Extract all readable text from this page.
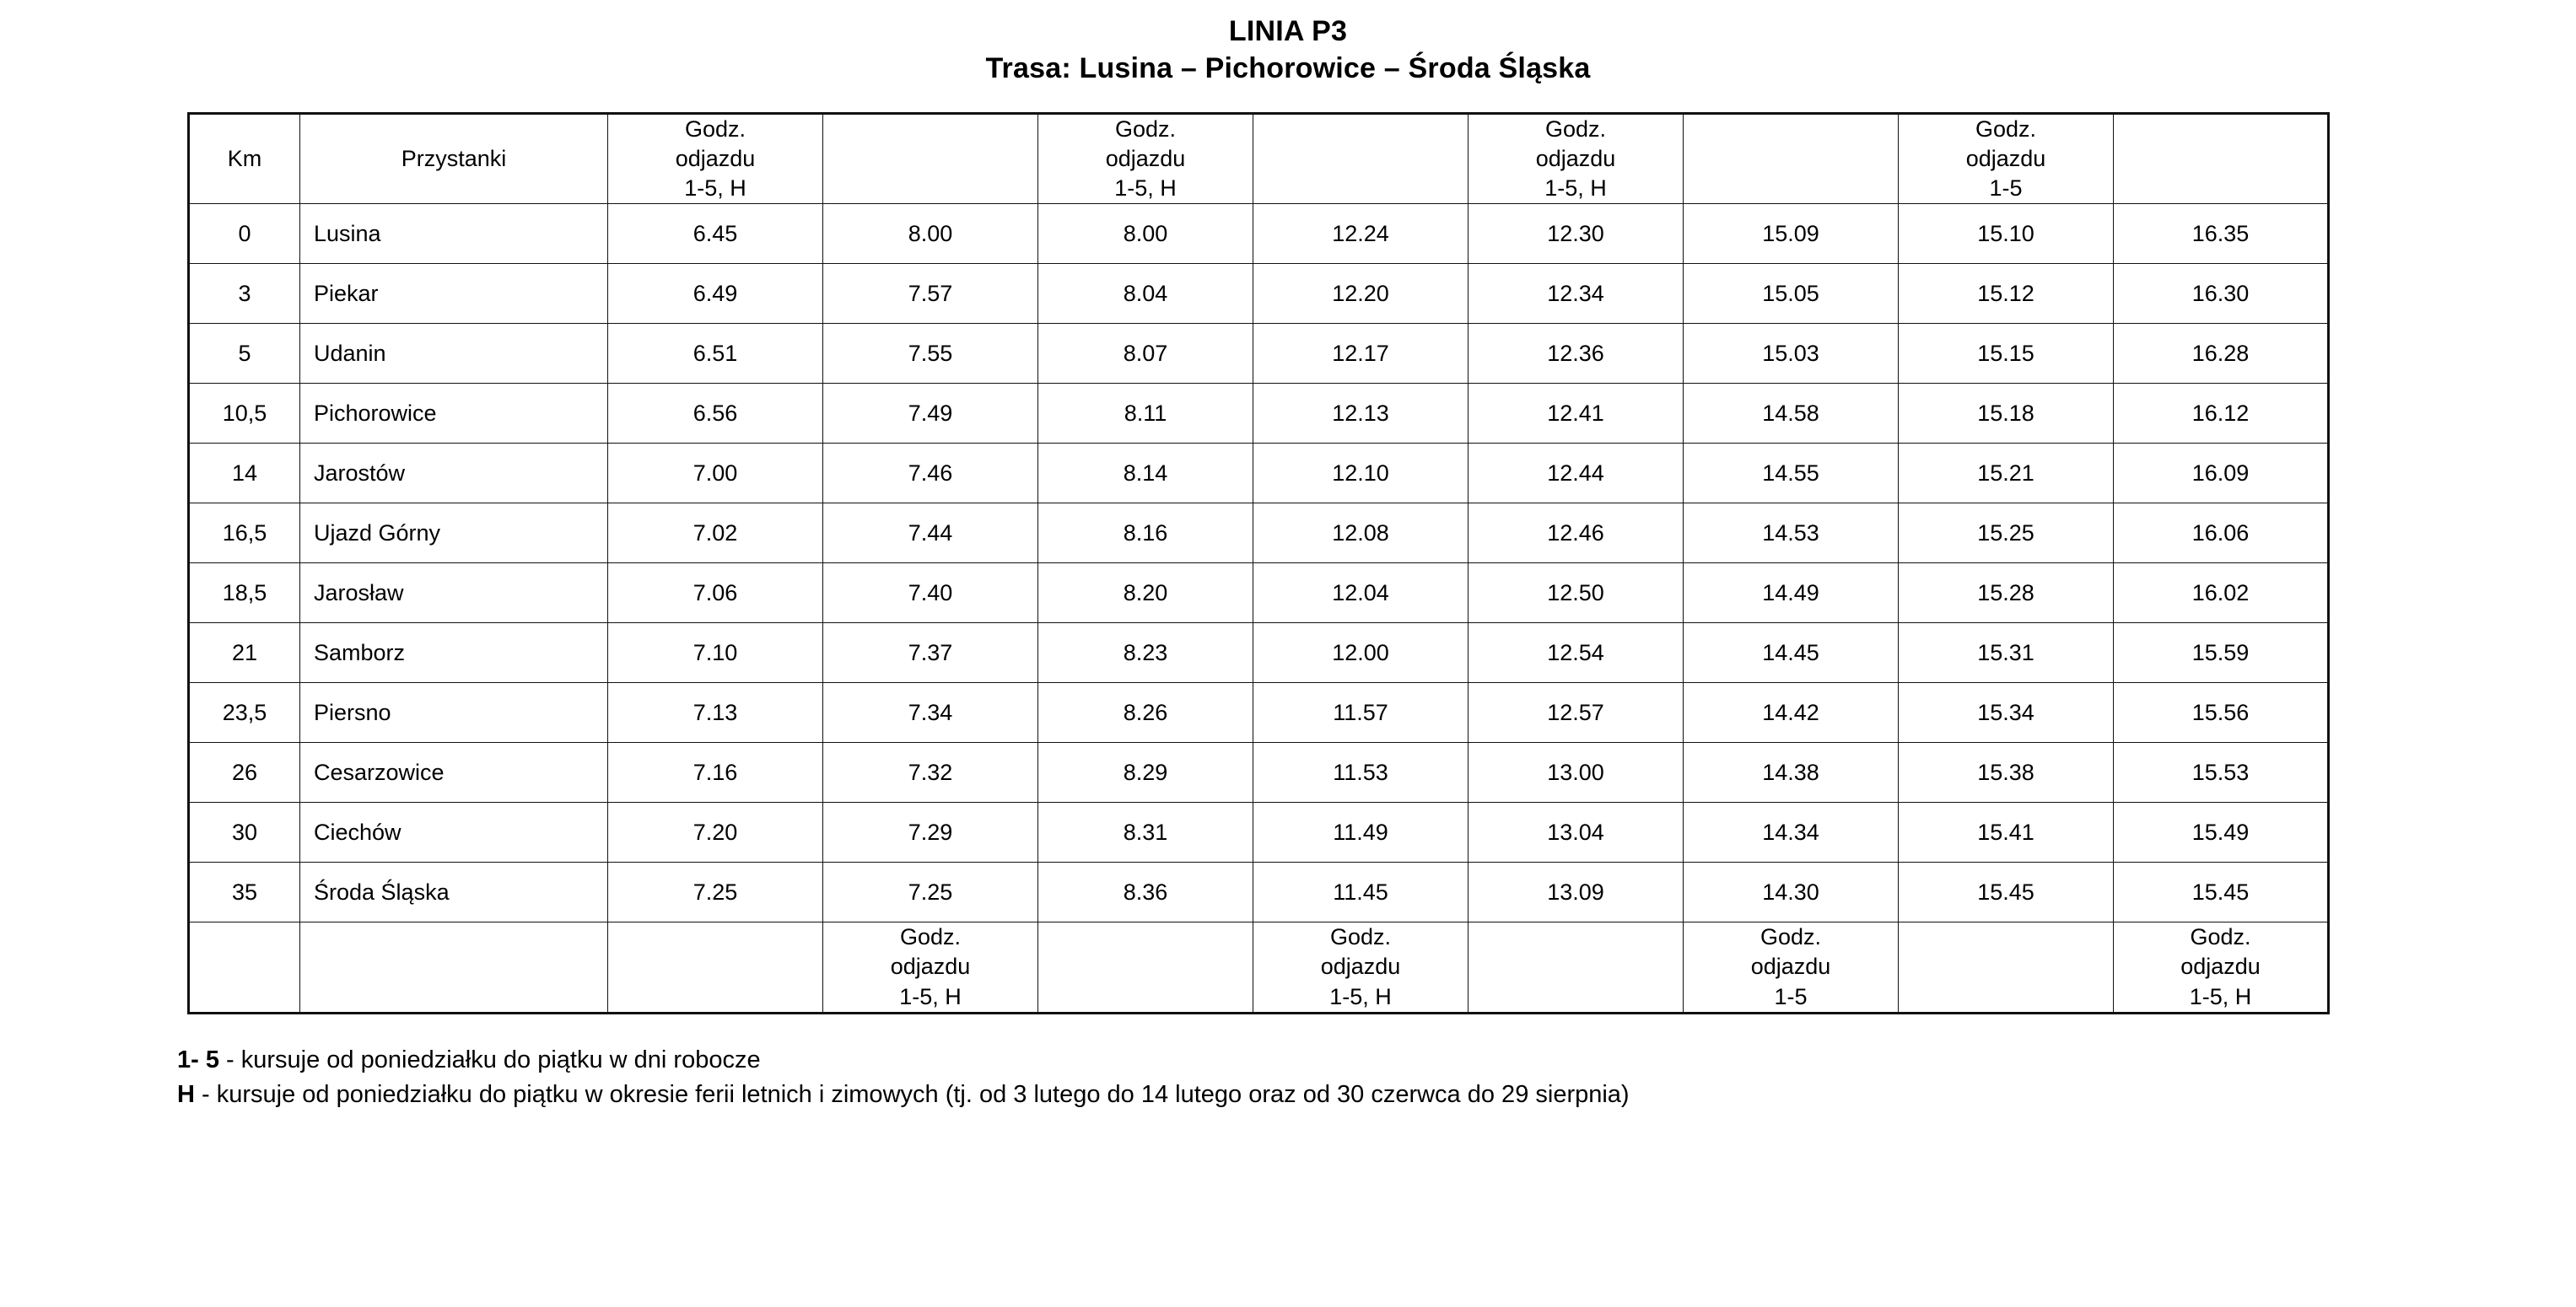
LINIA P3
Trasa: Lusina – Pichorowice – Środa Śląska
Km	Przystanki	Godz.
odjazdu
1-5, H		Godz.
odjazdu
1-5, H		Godz.
odjazdu
1-5, H		Godz.
odjazdu
1-5	

0	Lusina	6.45	8.00	8.00	12.24	12.30	15.09	15.10	16.35
3	Piekar	6.49	7.57	8.04	12.20	12.34	15.05	15.12	16.30
5	Udanin	6.51	7.55	8.07	12.17	12.36	15.03	15.15	16.28
10,5	Pichorowice	6.56	7.49	8.11	12.13	12.41	14.58	15.18	16.12
14	Jarostów	7.00	7.46	8.14	12.10	12.44	14.55	15.21	16.09
16,5	Ujazd Górny	7.02	7.44	8.16	12.08	12.46	14.53	15.25	16.06
18,5	Jarosław	7.06	7.40	8.20	12.04	12.50	14.49	15.28	16.02
21	Samborz	7.10	7.37	8.23	12.00	12.54	14.45	15.31	15.59
23,5	Piersno	7.13	7.34	8.26	11.57	12.57	14.42	15.34	15.56
26	Cesarzowice	7.16	7.32	8.29	11.53	13.00	14.38	15.38	15.53
30	Ciechów	7.20	7.29	8.31	11.49	13.04	14.34	15.41	15.49
35	Środa Śląska	7.25	7.25	8.36	11.45	13.09	14.30	15.45	15.45

			Godz.
odjazdu
1-5, H		Godz.
odjazdu
1-5, H		Godz.
odjazdu
1-5		Godz.
odjazdu
1-5, H
1- 5 - kursuje od poniedziałku do piątku w dni robocze
H - kursuje od poniedziałku do piątku w okresie ferii letnich i zimowych (tj. od 3 lutego do 14 lutego oraz od 30 czerwca do 29 sierpnia)
